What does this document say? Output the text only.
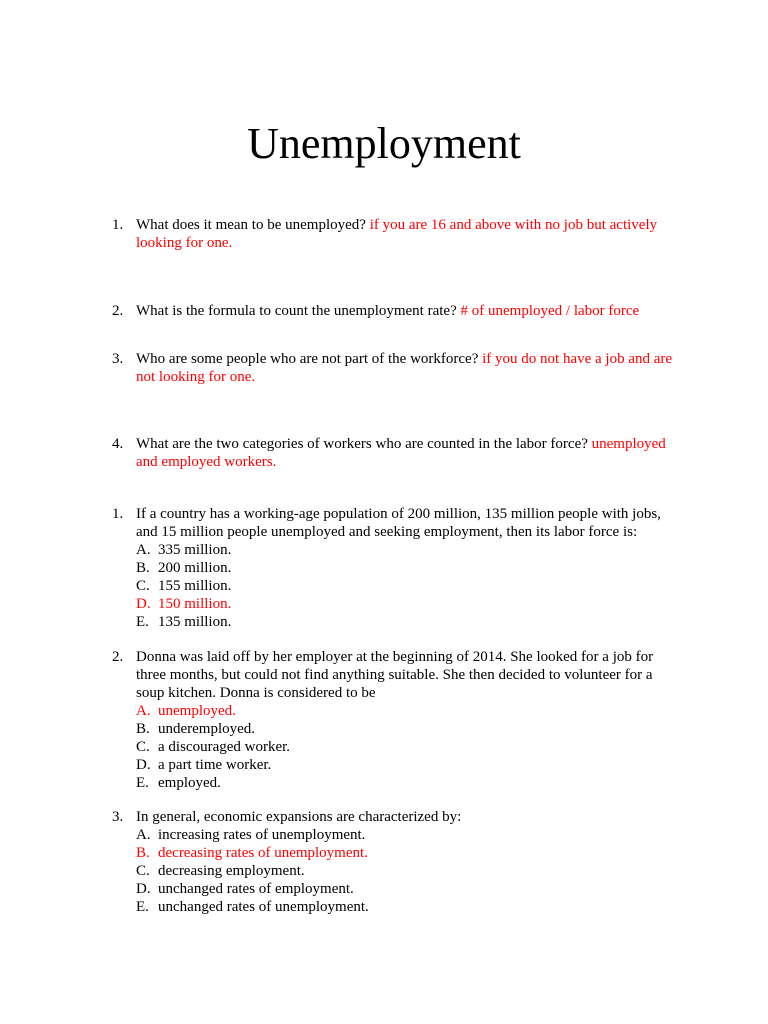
Unemployment
1. What does it mean to be unemployed? if you are 16 and above with no job but actively looking for one.
2. What is the formula to count the unemployment rate? # of unemployed / labor force
3. Who are some people who are not part of the workforce? if you do not have a job and are not looking for one.
4. What are the two categories of workers who are counted in the labor force? unemployed and employed workers.
1. If a country has a working-age population of 200 million, 135 million people with jobs, and 15 million people unemployed and seeking employment, then its labor force is:
A. 335 million.
B. 200 million.
C. 155 million.
D. 150 million.
E. 135 million.
2. Donna was laid off by her employer at the beginning of 2014. She looked for a job for three months, but could not find anything suitable. She then decided to volunteer for a soup kitchen. Donna is considered to be
A. unemployed.
B. underemployed.
C. a discouraged worker.
D. a part time worker.
E. employed.
3. In general, economic expansions are characterized by:
A. increasing rates of unemployment.
B. decreasing rates of unemployment.
C. decreasing employment.
D. unchanged rates of employment.
E. unchanged rates of unemployment.
